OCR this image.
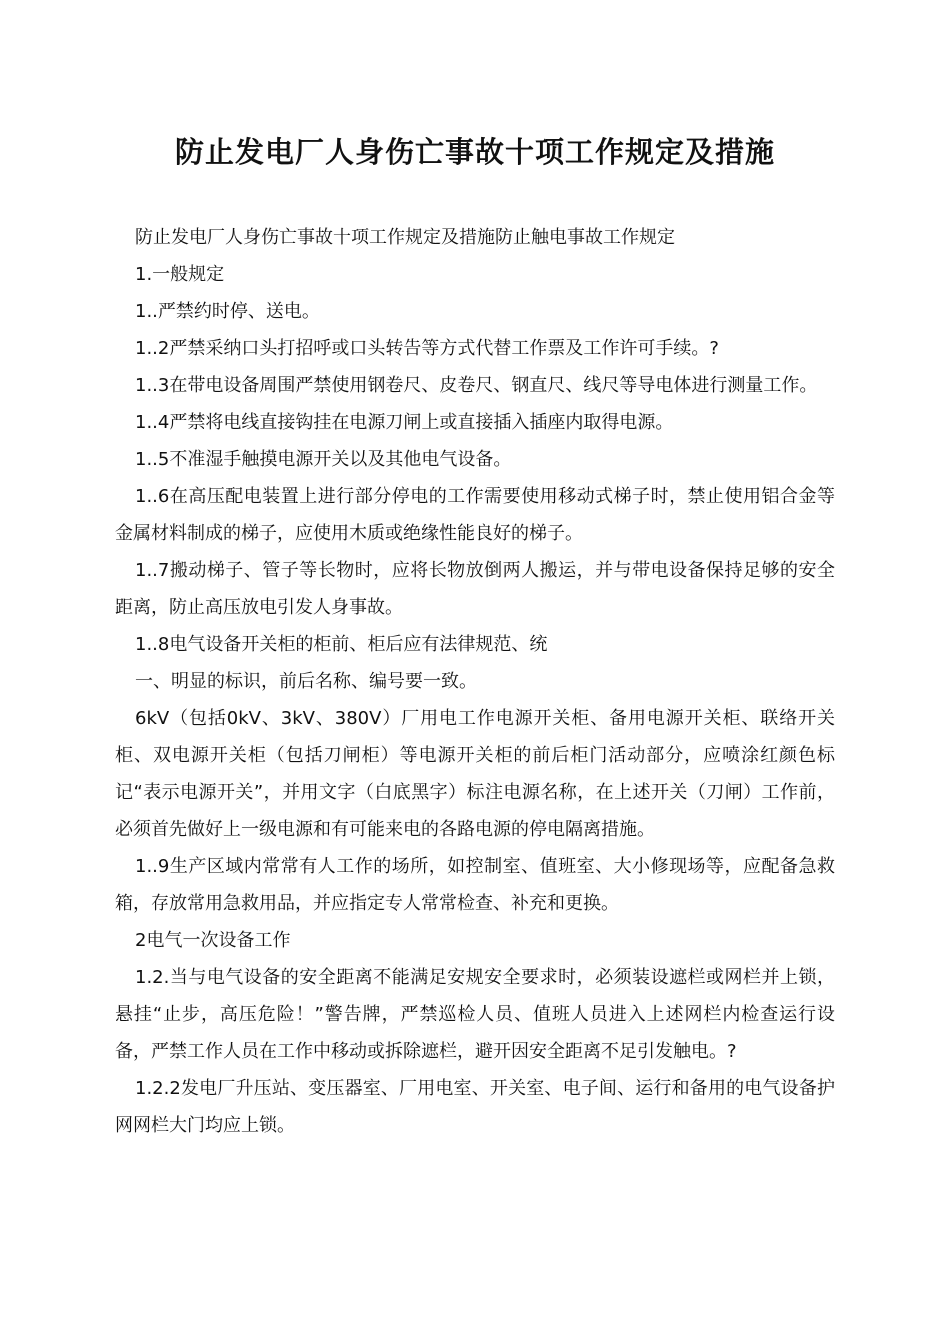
防止发电厂人身伤亡事故十项工作规定及措施

防止发电厂人身伤亡事故十项工作规定及措施防止触电事故工作规定

1.一般规定

1..严禁约时停、送电。

1..2严禁采纳口头打招呼或口头转告等方式代替工作票及工作许可手续。?

1..3在带电设备周围严禁使用钢卷尺、皮卷尺、钢直尺、线尺等导电体进行测量工作。

1..4严禁将电线直接钩挂在电源刀闸上或直接插入插座内取得电源。

1..5不准湿手触摸电源开关以及其他电气设备。

1..6在高压配电装置上进行部分停电的工作需要使用移动式梯子时，禁止使用铝合金等金属材料制成的梯子，应使用木质或绝缘性能良好的梯子。

1..7搬动梯子、管子等长物时，应将长物放倒两人搬运，并与带电设备保持足够的安全距离，防止高压放电引发人身事故。

1..8电气设备开关柜的柜前、柜后应有法律规范、统

一、明显的标识，前后名称、编号要一致。

6kV（包括0kV、3kV、380V）厂用电工作电源开关柜、备用电源开关柜、联络开关柜、双电源开关柜（包括刀闸柜）等电源开关柜的前后柜门活动部分，应喷涂红颜色标记“表示电源开关”，并用文字（白底黑字）标注电源名称，在上述开关（刀闸）工作前，必须首先做好上一级电源和有可能来电的各路电源的停电隔离措施。

1..9生产区域内常常有人工作的场所，如控制室、值班室、大小修现场等，应配备急救箱，存放常用急救用品，并应指定专人常常检查、补充和更换。

2电气一次设备工作

1.2.当与电气设备的安全距离不能满足安规安全要求时，必须装设遮栏或网栏并上锁，悬挂“止步，高压危险！”警告牌，严禁巡检人员、值班人员进入上述网栏内检查运行设备，严禁工作人员在工作中移动或拆除遮栏，避开因安全距离不足引发触电。?

1.2.2发电厂升压站、变压器室、厂用电室、开关室、电子间、运行和备用的电气设备护网网栏大门均应上锁。
